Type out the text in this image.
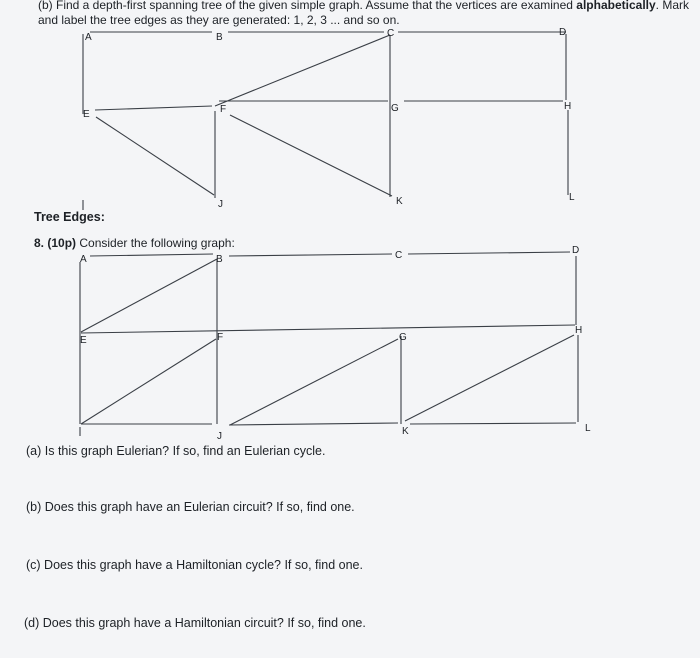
(b) Find a depth-first spanning tree of the given simple graph. Assume that the vertices are examined alphabetically. Mark
and label the tree edges as they are generated: 1, 2, 3 ... and so on.
A	B	C	D
E	F	G	H
J	K	L
Tree Edges:
8. (10p) Consider the following graph:
A	B	C	D
E	F	G
H
J	K	L
(a) Is this graph Eulerian? If so, find an Eulerian cycle.
(b) Does this graph have an Eulerian circuit? If so, find one.
(c) Does this graph have a Hamiltonian cycle? If so, find one.
(d) Does this graph have a Hamiltonian circuit? If so, find one.
